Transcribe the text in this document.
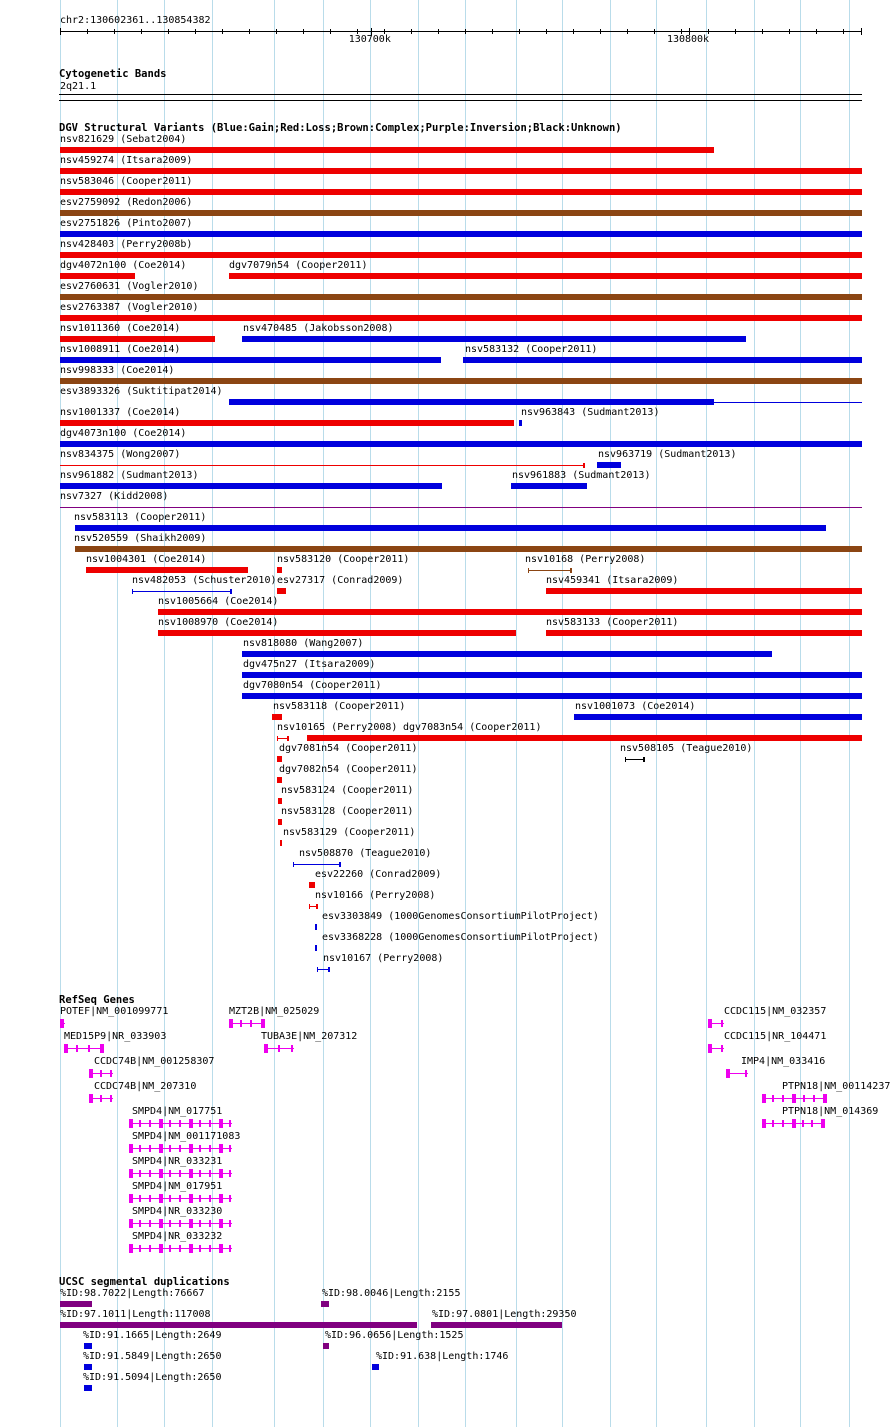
chr2:130602361..130854382
130700k	130800k
Cytogenetic Bands
2q21.1
DGV Structural Variants (Blue:Gain;Red:Loss;Brown:Complex;Purple:Inversion;Black:Unknown)
nsv821629 (Sebat2004)
nsv459274 (Itsara2009)
nsv583046 (Cooper2011)
esv2759092 (Redon2006)
esv2751826 (Pinto2007)
nsv428403 (Perry2008b)
dgv4072n100 (Coe2014)	dgv7079n54 (Cooper2011)
esv2760631 (Vogler2010)
esv2763387 (Vogler2010)
nsv1011360 (Coe2014)	nsv470485 (Jakobsson2008)
nsv1008911 (Coe2014)	nsv583132 (Cooper2011)
nsv998333 (Coe2014)
esv3893326 (Suktitipat2014)
nsv1001337 (Coe2014)	nsv963843 (Sudmant2013)
dgv4073n100 (Coe2014)
nsv834375 (Wong2007)	nsv963719 (Sudmant2013)
nsv961882 (Sudmant2013)	nsv961883 (Sudmant2013)
nsv7327 (Kidd2008)
nsv583113 (Cooper2011)
nsv520559 (Shaikh2009)
nsv1004301 (Coe2014)	nsv583120 (Cooper2011)	nsv10168 (Perry2008)
nsv482053 (Schuster2010) esv27317 (Conrad2009)	nsv459341 (Itsara2009)
nsv1005664 (Coe2014)
nsv1008970 (Coe2014)	nsv583133 (Cooper2011)
nsv818080 (Wang2007)
dgv475n27 (Itsara2009)
dgv7080n54 (Cooper2011)
nsv583118 (Cooper2011)	nsv1001073 (Coe2014)
nsv10165 (Perry2008) dgv7083n54 (Cooper2011)
nsv508105 (Teague2010)
dgv7081n54 (Cooper2011)
dgv7082n54 (Cooper2011)
nsv583124 (Cooper2011)
nsv583128 (Cooper2011)
nsv583129 (Cooper2011)
nsv508870 (Teague2010)
esv22260 (Conrad2009)
nsv10166 (Perry2008)
esv3303849 (1000GenomesConsortiumPilotProject)
esv3368228 (1000GenomesConsortiumPilotProject)
nsv10167 (Perry2008)
RefSeq Genes
POTEF|NM_001099771	MZT2B|NM_025029	CCDC115|NM_032357
MED15P9|NR_033903	TUBA3E|NM_207312	CCDC115|NR_104471
CCDC74B|NM_001258307	IMP4|NM_033416
CCDC74B|NM_207310	PTPN18|NM_00114237
SMPD4|NM_017751	PTPN18|NM_014369
SMPD4|NM_001171083
SMPD4|NR_033231
SMPD4|NM_017951
SMPD4|NR_033230
SMPD4|NR_033232
UCSC segmental duplications
%ID:98.7022|Length:76667	%ID:98.0046|Length:2155
%ID:97.1011|Length:117008	%ID:97.0801|Length:29350
%ID:91.1665|Length:2649	%ID:96.0656|Length:1525
%ID:91.5849|Length:2650	%ID:91.638|Length:1746
%ID:91.5094|Length:2650
